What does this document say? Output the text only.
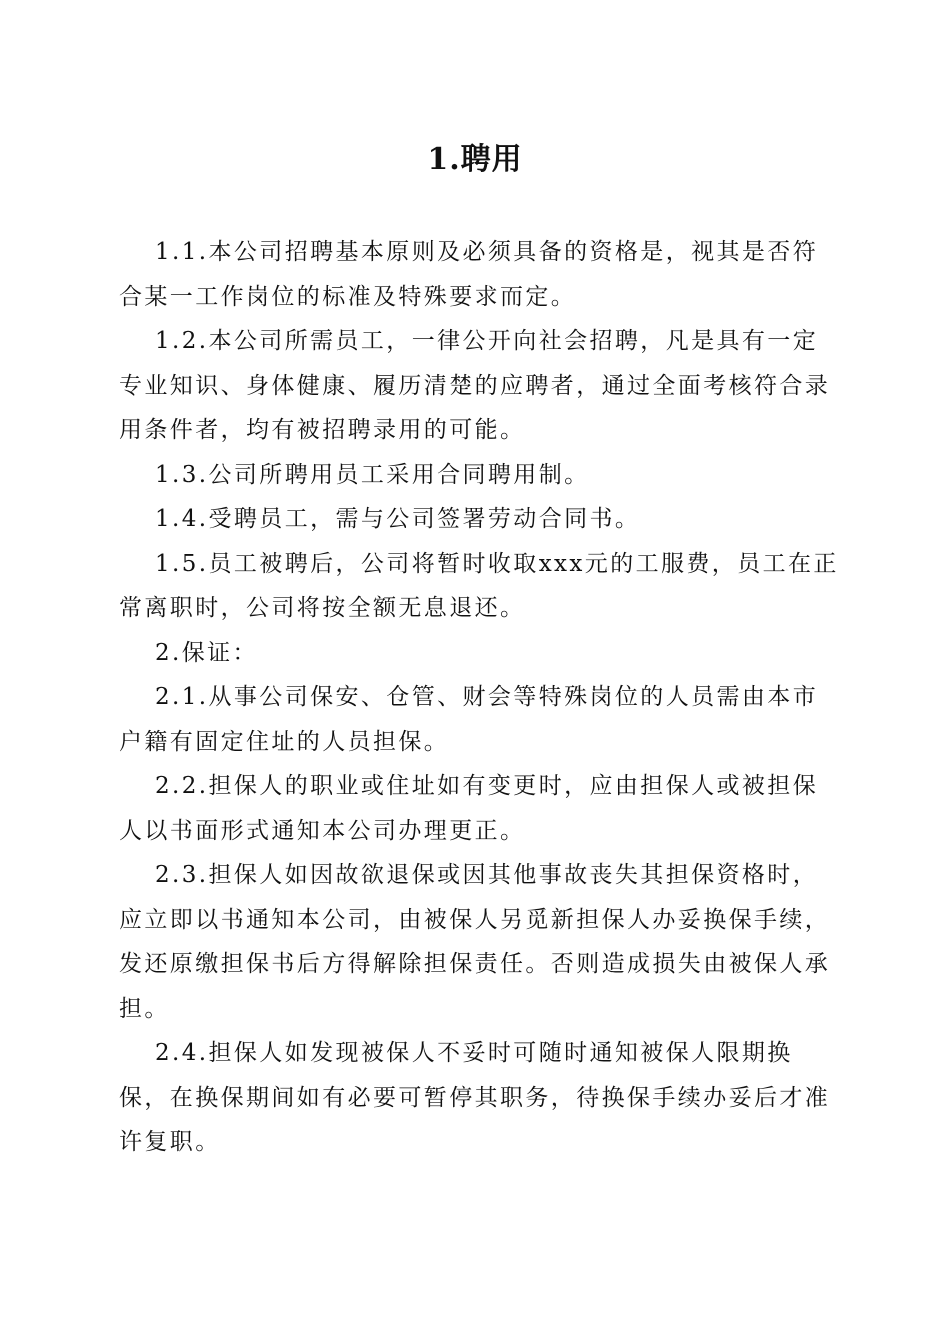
1.聘用

1.1.本公司招聘基本原则及必须具备的资格是，视其是否符合某一工作岗位的标准及特殊要求而定。

1.2.本公司所需员工，一律公开向社会招聘，凡是具有一定专业知识、身体健康、履历清楚的应聘者，通过全面考核符合录用条件者，均有被招聘录用的可能。

1.3.公司所聘用员工采用合同聘用制。

1.4.受聘员工，需与公司签署劳动合同书。

1.5.员工被聘后，公司将暂时收取xxx元的工服费，员工在正常离职时，公司将按全额无息退还。

2.保证：

2.1.从事公司保安、仓管、财会等特殊岗位的人员需由本市户籍有固定住址的人员担保。

2.2.担保人的职业或住址如有变更时，应由担保人或被担保人以书面形式通知本公司办理更正。

2.3.担保人如因故欲退保或因其他事故丧失其担保资格时，应立即以书通知本公司，由被保人另觅新担保人办妥换保手续，发还原缴担保书后方得解除担保责任。否则造成损失由被保人承担。

2.4.担保人如发现被保人不妥时可随时通知被保人限期换保，在换保期间如有必要可暂停其职务，待换保手续办妥后才准许复职。
